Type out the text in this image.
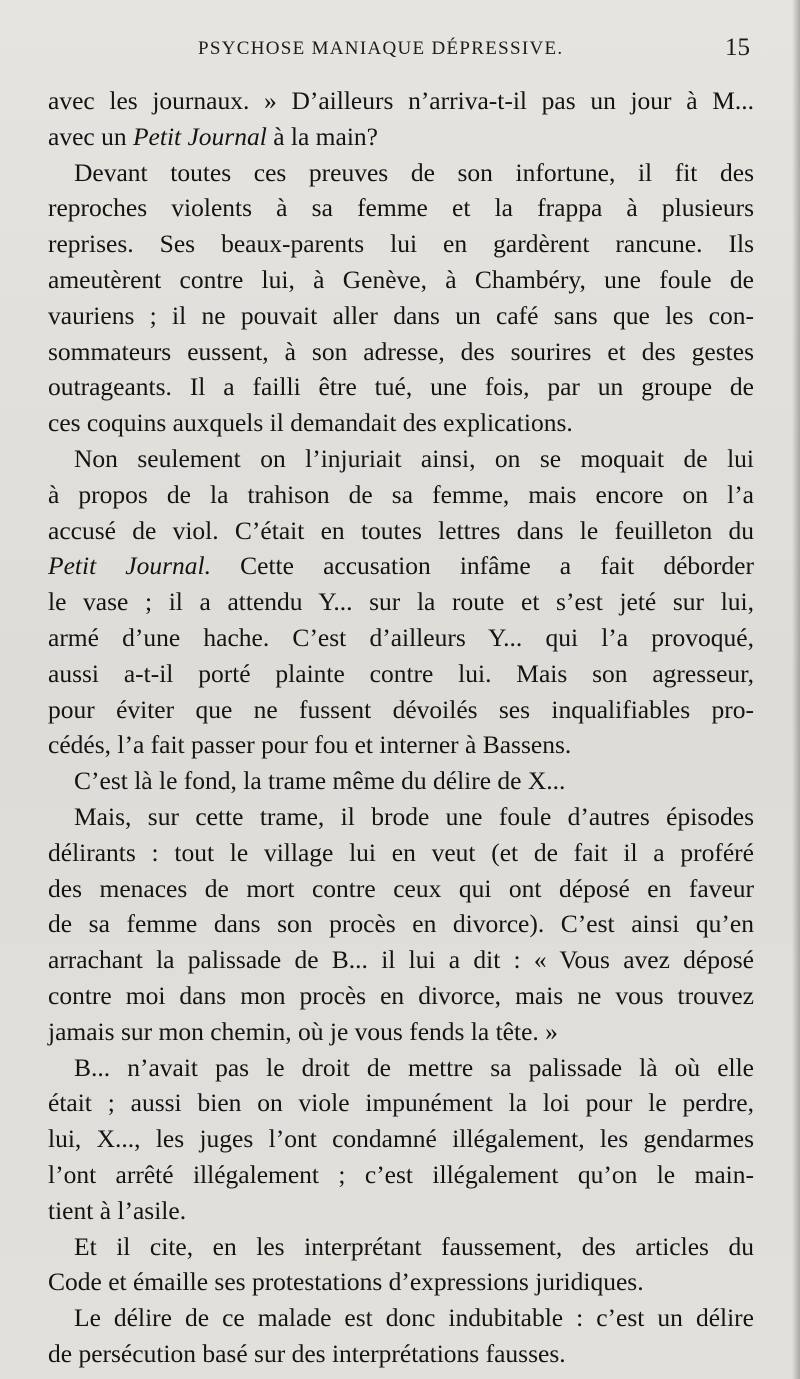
PSYCHOSE MANIAQUE DÉPRESSIVE.	15

avec les journaux. » D’ailleurs n’arriva-t-il pas un jour à M...
avec un Petit Journal à la main?

Devant toutes ces preuves de son infortune, il fit des
reproches violents à sa femme et la frappa à plusieurs
reprises. Ses beaux-parents lui en gardèrent rancune. Ils
ameutèrent contre lui, à Genève, à Chambéry, une foule de
vauriens ; il ne pouvait aller dans un café sans que les con-
sommateurs eussent, à son adresse, des sourires et des gestes
outrageants. Il a failli être tué, une fois, par un groupe de
ces coquins auxquels il demandait des explications.

Non seulement on l’injuriait ainsi, on se moquait de lui
à propos de la trahison de sa femme, mais encore on l’a
accusé de viol. C’était en toutes lettres dans le feuilleton du
Petit Journal. Cette accusation infâme a fait déborder
le vase ; il a attendu Y... sur la route et s’est jeté sur lui,
armé d’une hache. C’est d’ailleurs Y... qui l’a provoqué,
aussi a-t-il porté plainte contre lui. Mais son agresseur,
pour éviter que ne fussent dévoilés ses inqualifiables pro-
cédés, l’a fait passer pour fou et interner à Bassens.

C’est là le fond, la trame même du délire de X...

Mais, sur cette trame, il brode une foule d’autres épisodes
délirants : tout le village lui en veut (et de fait il a proféré
des menaces de mort contre ceux qui ont déposé en faveur
de sa femme dans son procès en divorce). C’est ainsi qu’en
arrachant la palissade de B... il lui a dit : « Vous avez déposé
contre moi dans mon procès en divorce, mais ne vous trouvez
jamais sur mon chemin, où je vous fends la tête. »

B... n’avait pas le droit de mettre sa palissade là où elle
était ; aussi bien on viole impunément la loi pour le perdre,
lui, X..., les juges l’ont condamné illégalement, les gendarmes
l’ont arrêté illégalement ; c’est illégalement qu’on le main-
tient à l’asile.

Et il cite, en les interprétant faussement, des articles du
Code et émaille ses protestations d’expressions juridiques.

Le délire de ce malade est donc indubitable : c’est un délire
de persécution basé sur des interprétations fausses.
